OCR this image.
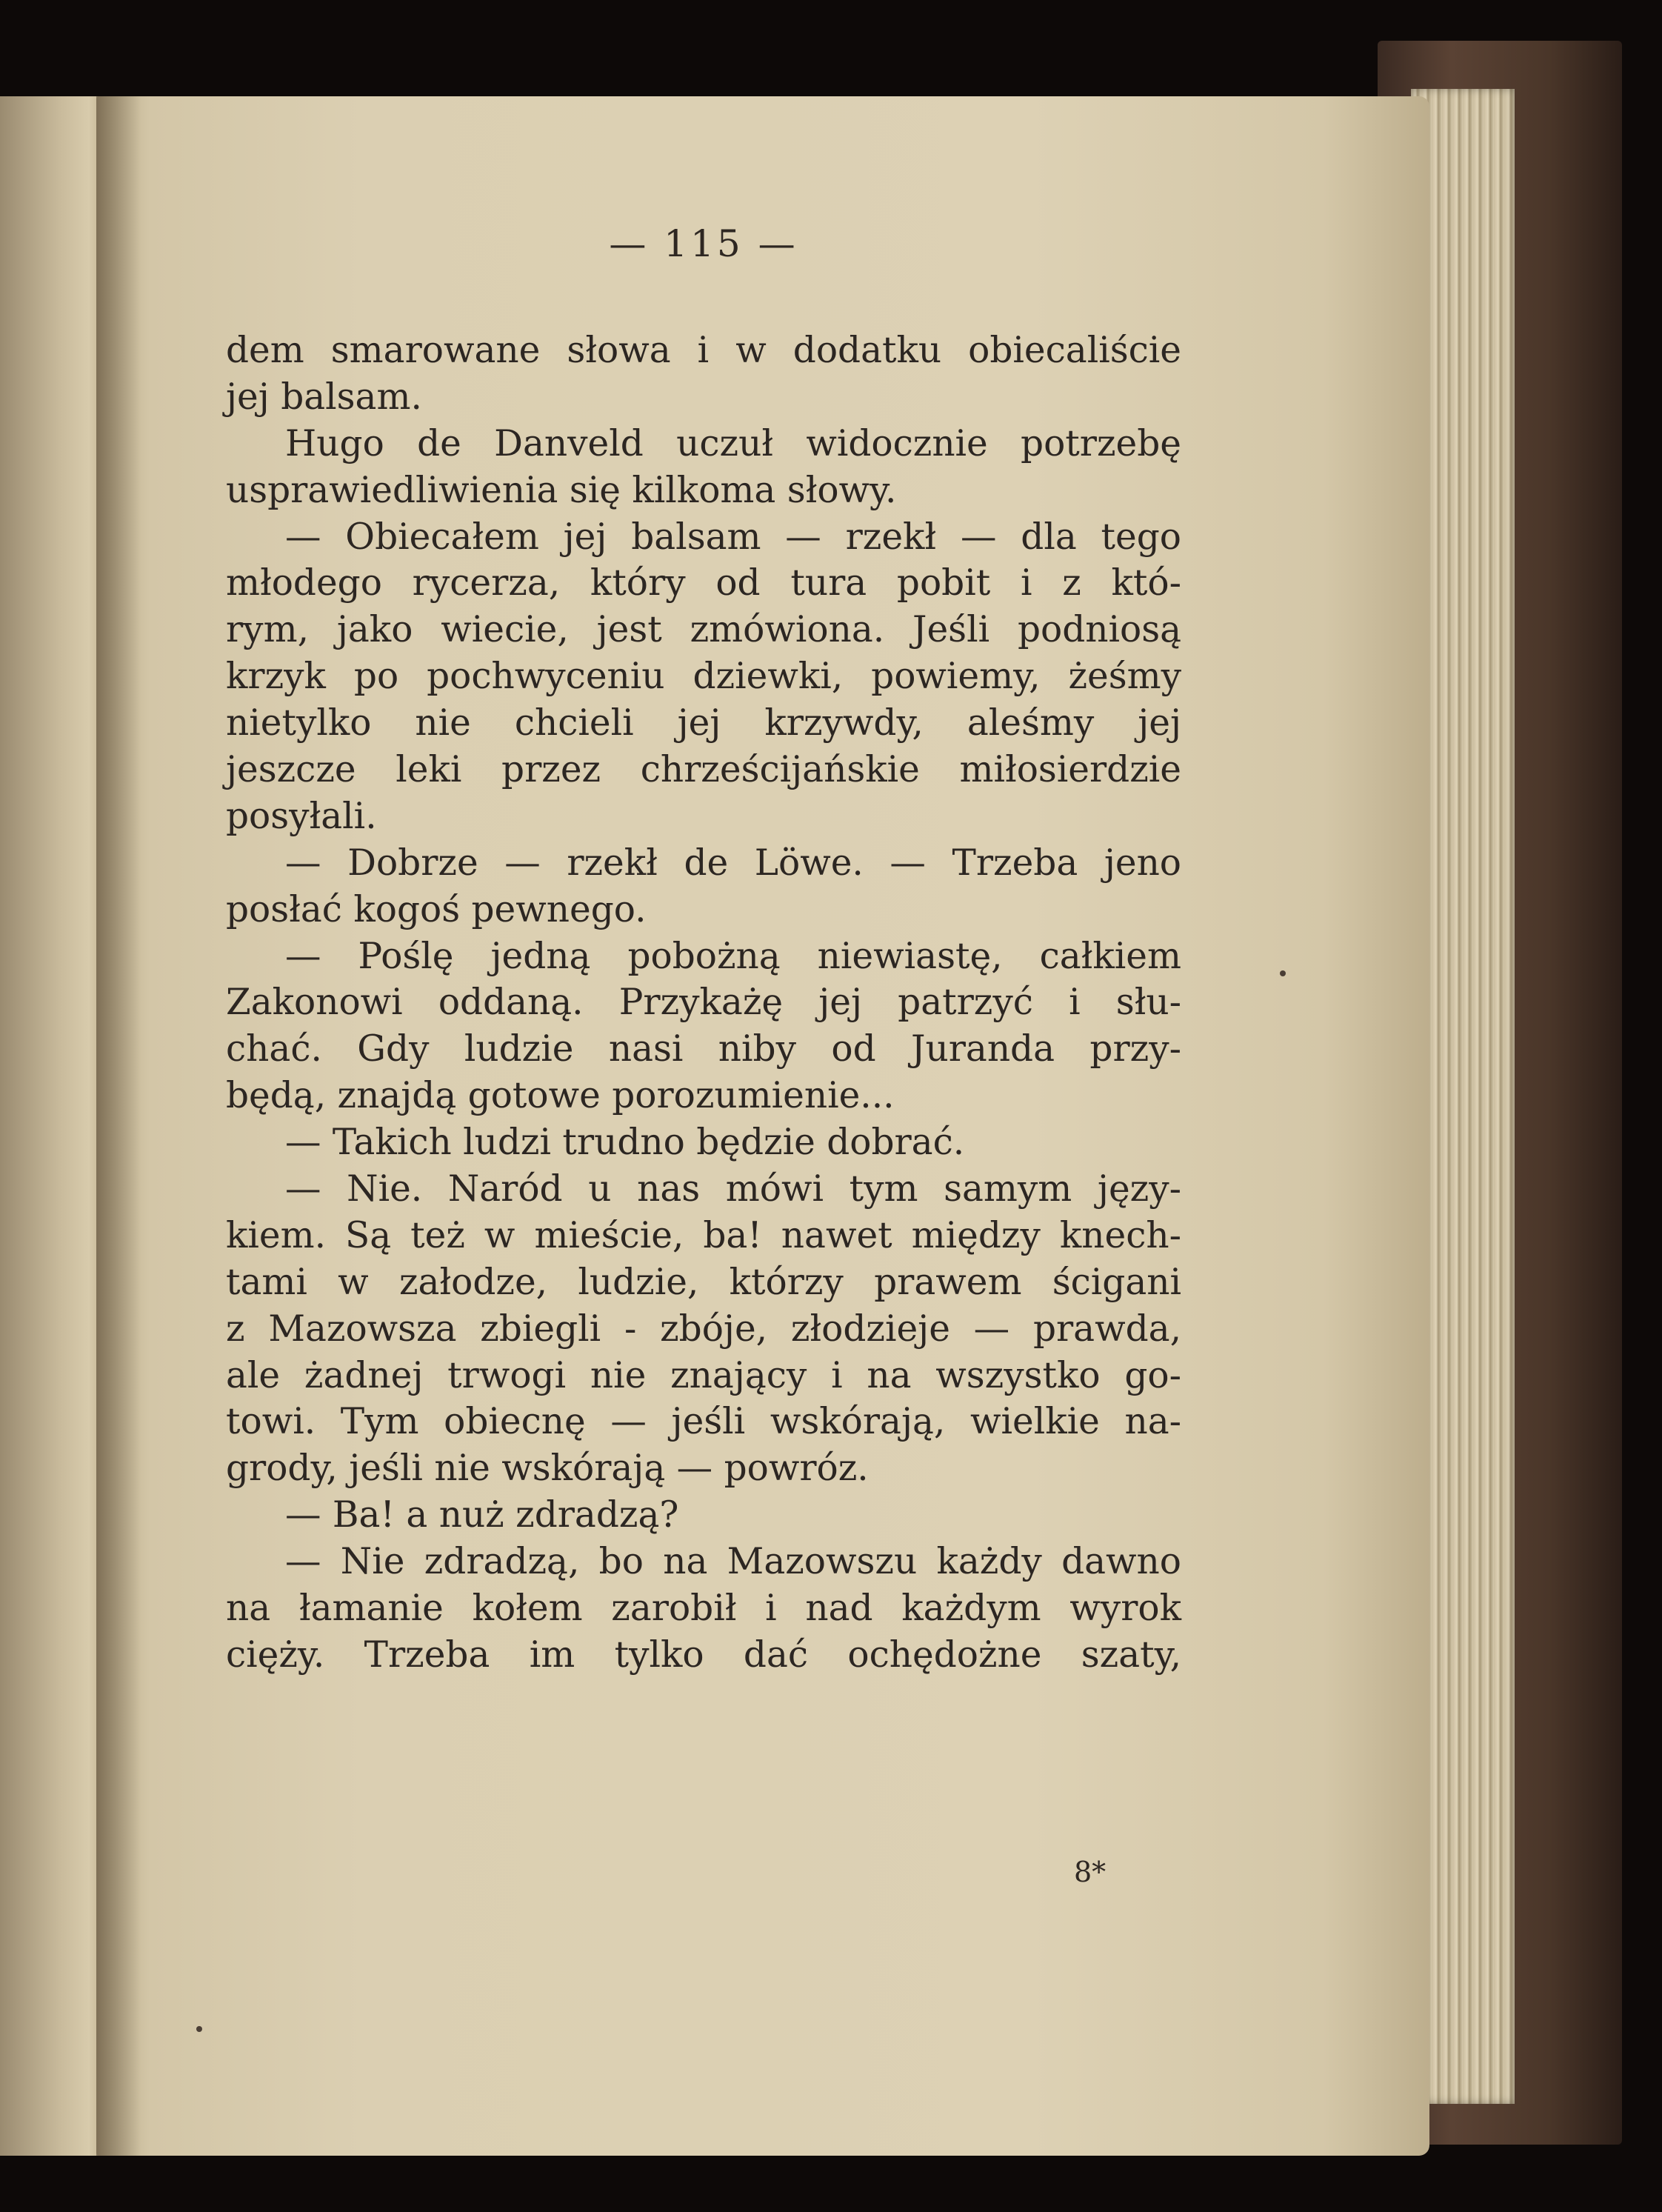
— 115 —
dem smarowane słowa i w dodatku obiecaliście
jej balsam.
Hugo de Danveld uczuł widocznie potrzebę
usprawiedliwienia się kilkoma słowy.
— Obiecałem jej balsam — rzekł — dla tego
młodego rycerza, który od tura pobit i z któ-
rym, jako wiecie, jest zmówiona. Jeśli podniosą
krzyk po pochwyceniu dziewki, powiemy, żeśmy
nietylko nie chcieli jej krzywdy, aleśmy jej
jeszcze leki przez chrześcijańskie miłosierdzie
posyłali.
— Dobrze — rzekł de Löwe. — Trzeba jeno
posłać kogoś pewnego.
— Poślę jedną pobożną niewiastę, całkiem
Zakonowi oddaną. Przykażę jej patrzyć i słu-
chać. Gdy ludzie nasi niby od Juranda przy-
będą, znajdą gotowe porozumienie...
— Takich ludzi trudno będzie dobrać.
— Nie. Naród u nas mówi tym samym języ-
kiem. Są też w mieście, ba! nawet między knech-
tami w załodze, ludzie, którzy prawem ścigani
z Mazowsza zbiegli - zbóje, złodzieje — prawda,
ale żadnej trwogi nie znający i na wszystko go-
towi. Tym obiecnę — jeśli wskórają, wielkie na-
grody, jeśli nie wskórają — powróz.
— Ba! a nuż zdradzą?
— Nie zdradzą, bo na Mazowszu każdy dawno
na łamanie kołem zarobił i nad każdym wyrok
cięży. Trzeba im tylko dać ochędożne szaty,
8*
